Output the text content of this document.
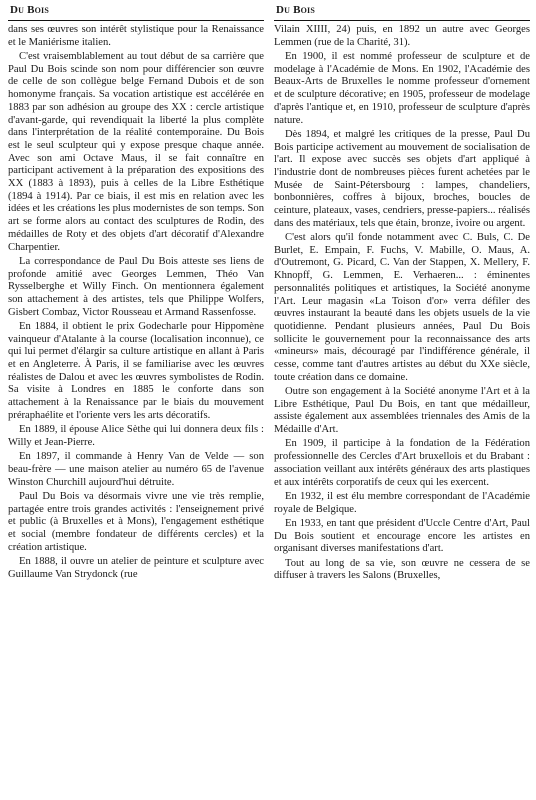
Du Bois

dans ses œuvres son intérêt stylistique pour la Renaissance et le Maniérisme italien.

C'est vraisemblablement au tout début de sa carrière que Paul Du Bois scinde son nom pour différencier son œuvre de celle de son collègue belge Fernand Dubois et de son homonyme français. Sa vocation artistique est accélérée en 1883 par son adhésion au groupe des XX : cercle artistique d'avant-garde, qui revendiquait la liberté la plus complète dans l'interprétation de la réalité contemporaine. Du Bois est le seul sculpteur qui y expose presque chaque année. Avec son ami Octave Maus, il se fait connaître en participant activement à la préparation des expositions des XX (1883 à 1893), puis à celles de la Libre Esthétique (1894 à 1914). Par ce biais, il est mis en relation avec les idées et les créations les plus modernistes de son temps. Son art se forme alors au contact des sculptures de Rodin, des médailles de Roty et des objets d'art décoratif d'Alexandre Charpentier.

La correspondance de Paul Du Bois atteste ses liens de profonde amitié avec Georges Lemmen, Théo Van Rysselberghe et Willy Finch. On mentionnera également son attachement à des artistes, tels que Philippe Wolfers, Gisbert Combaz, Victor Rousseau et Armand Rassenfosse.

En 1884, il obtient le prix Godecharle pour Hippomène vainqueur d'Atalante à la course (localisation inconnue), ce qui lui permet d'élargir sa culture artistique en allant à Paris et en Angleterre. À Paris, il se familiarise avec les œuvres réalistes de Dalou et avec les œuvres symbolistes de Rodin. Sa visite à Londres en 1885 le conforte dans son attachement à la Renaissance par le biais du mouvement préraphaélite et l'oriente vers les arts décoratifs.

En 1889, il épouse Alice Sèthe qui lui donnera deux fils : Willy et Jean-Pierre.

En 1897, il commande à Henry Van de Velde — son beau-frère — une maison atelier au numéro 65 de l'avenue Winston Churchill aujourd'hui détruite.

Paul Du Bois va désormais vivre une vie très remplie, partagée entre trois grandes activités : l'enseignement privé et public (à Bruxelles et à Mons), l'engagement esthétique et social (membre fondateur de différents cercles) et la création artistique.

En 1888, il ouvre un atelier de peinture et sculpture avec Guillaume Van Strydonck (rue

Du Bois

Vilain XIIII, 24) puis, en 1892 un autre avec Georges Lemmen (rue de la Charité, 31).

En 1900, il est nommé professeur de sculpture et de modelage à l'Académie de Mons. En 1902, l'Académie des Beaux-Arts de Bruxelles le nomme professeur d'ornement et de sculpture décorative; en 1905, professeur de modelage d'après l'antique et, en 1910, professeur de sculpture d'après nature.

Dès 1894, et malgré les critiques de la presse, Paul Du Bois participe activement au mouvement de socialisation de l'art. Il expose avec succès ses objets d'art appliqué à l'industrie dont de nombreuses pièces furent achetées par le Musée de Saint-Pétersbourg : lampes, chandeliers, bonbonnières, coffres à bijoux, broches, boucles de ceinture, plateaux, vases, cendriers, presse-papiers... réalisés dans des matériaux, tels que étain, bronze, ivoire ou argent.

C'est alors qu'il fonde notamment avec C. Buls, C. De Burlet, E. Empain, F. Fuchs, V. Mabille, O. Maus, A. d'Outremont, G. Picard, C. Van der Stappen, X. Mellery, F. Khnopff, G. Lemmen, E. Verhaeren... : éminentes personnalités politiques et artistiques, la Société anonyme l'Art. Leur magasin «La Toison d'or» verra défiler des œuvres instaurant la beauté dans les objets usuels de la vie quotidienne. Pendant plusieurs années, Paul Du Bois sollicite le gouvernement pour la reconnaissance des arts «mineurs» mais, découragé par l'indifférence générale, il cesse, comme tant d'autres artistes au début du XXe siècle, toute création dans ce domaine.

Outre son engagement à la Société anonyme l'Art et à la Libre Esthétique, Paul Du Bois, en tant que médailleur, assiste également aux assemblées triennales des Amis de la Médaille d'Art.

En 1909, il participe à la fondation de la Fédération professionnelle des Cercles d'Art bruxellois et du Brabant : association veillant aux intérêts généraux des arts plastiques et aux intérêts corporatifs de ceux qui les exercent.

En 1932, il est élu membre correspondant de l'Académie royale de Belgique.

En 1933, en tant que président d'Uccle Centre d'Art, Paul Du Bois soutient et encourage encore les artistes en organisant diverses manifestations d'art.

Tout au long de sa vie, son œuvre ne cessera de se diffuser à travers les Salons (Bruxelles,
